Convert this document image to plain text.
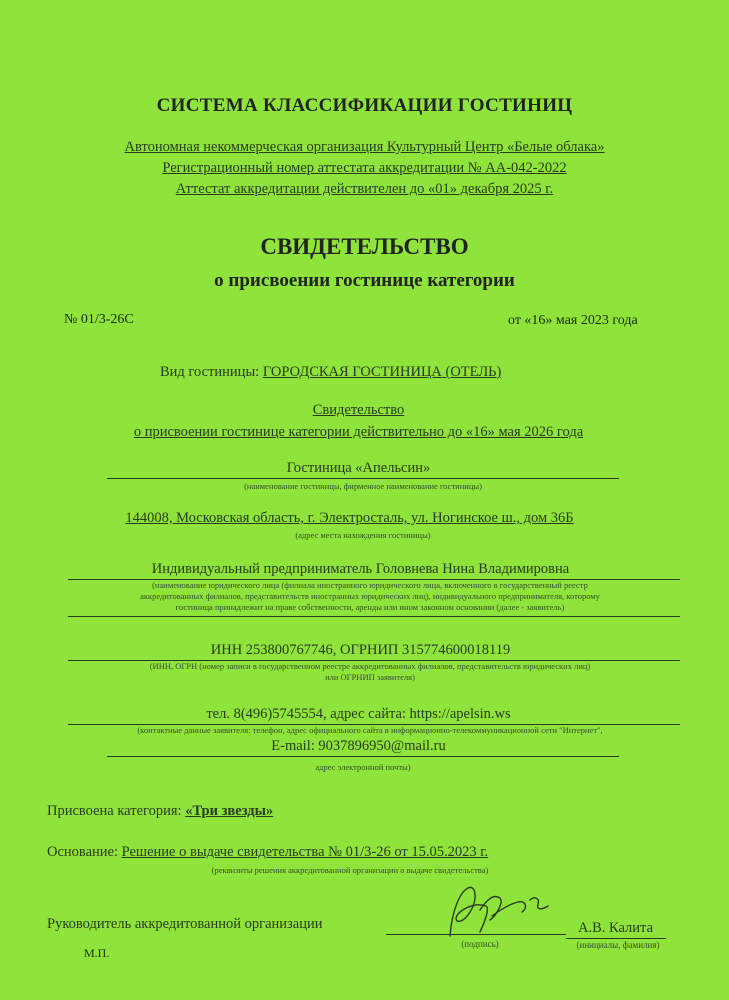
СИСТЕМА КЛАССИФИКАЦИИ ГОСТИНИЦ
Автономная некоммерческая организация Культурный Центр «Белые облака»
Регистрационный номер аттестата аккредитации № АА-042-2022
Аттестат аккредитации действителен до «01» декабря 2025 г.
СВИДЕТЕЛЬСТВО
о присвоении гостинице категории
№ 01/3-26С	от «16» мая 2023 года
Вид гостиницы: ГОРОДСКАЯ ГОСТИНИЦА (ОТЕЛЬ)
Свидетельство
о присвоении гостинице категории действительно до «16» мая 2026 года
Гостиница «Апельсин»
(наименование гостиницы, фирменное наименование гостиницы)
144008, Московская область, г. Электросталь, ул. Ногинское ш., дом 36Б
(адрес места нахождения гостиницы)
Индивидуальный предприниматель Головнева Нина Владимировна
(наименование юридического лица (филиала иностранного юридического лица, включенного в государственный реестр
аккредитованных филиалов, представительств иностранных юридических лиц), индивидуального предпринимателя, которому
гостиница принадлежит на праве собственности, аренды или ином законном основании (далее - заявитель)
ИНН 253800767746, ОГРНИП 315774600018119
(ИНН, ОГРН (номер записи в государственном реестре аккредитованных филиалов, представительств юридических лиц)
или ОГРНИП заявителя)
тел. 8(496)5745554, адрес сайта: https://apelsin.ws
(контактные данные заявителя: телефон, адрес официального сайта в информационно-телекоммуникационной сети "Интернет",
E-mail: 9037896950@mail.ru
адрес электронной почты)
Присвоена категория: «Три звезды»
Основание: Решение о выдаче свидетельства № 01/3-26 от 15.05.2023 г.
(реквизиты решения аккредитованной организации о выдаче свидетельства)
Руководитель аккредитованной организации
(подпись)
А.В. Калита
(инициалы, фамилия)
М.П.
